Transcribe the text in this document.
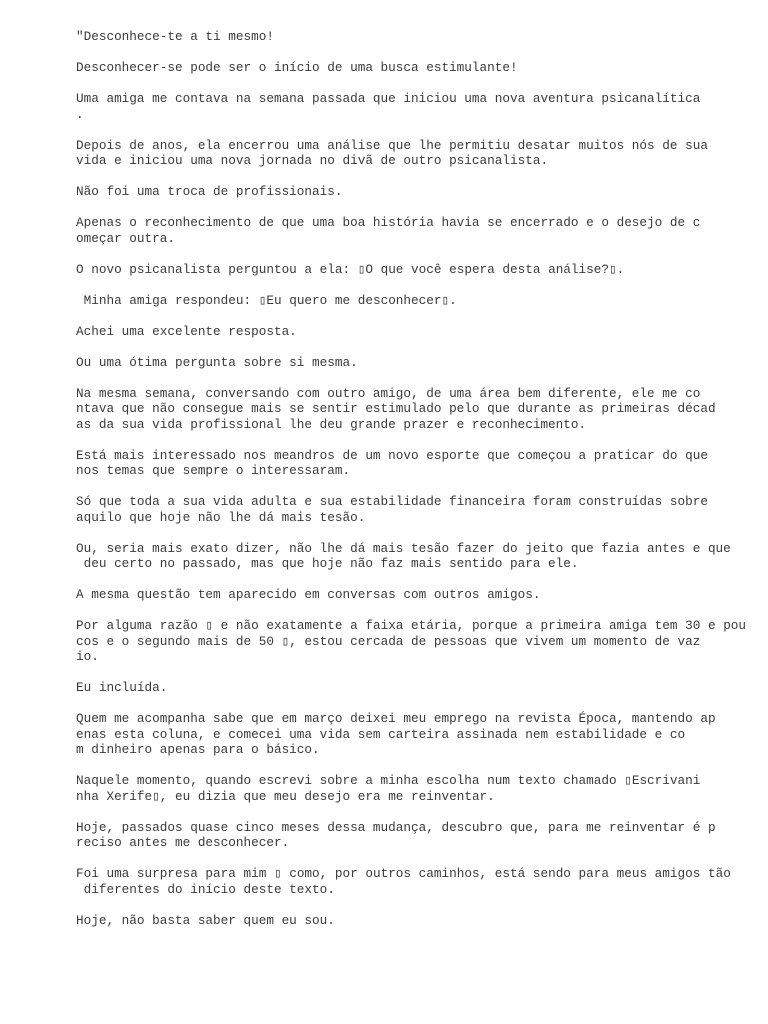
"Desconhece-te a ti mesmo!
Desconhecer-se pode ser o início de uma busca estimulante!
Uma amiga me contava na semana passada que iniciou uma nova aventura psicanalítica
.
Depois de anos, ela encerrou uma análise que lhe permitiu desatar muitos nós de sua
vida e iniciou uma nova jornada no divã de outro psicanalista.
Não foi uma troca de profissionais.
Apenas o reconhecimento de que uma boa história havia se encerrado e o desejo de c
omeçar outra.
O novo psicanalista perguntou a ela: ▯O que você espera desta análise?▯.
Minha amiga respondeu: ▯Eu quero me desconhecer▯.
Achei uma excelente resposta.
Ou uma ótima pergunta sobre si mesma.
Na mesma semana, conversando com outro amigo, de uma área bem diferente, ele me co
ntava que não consegue mais se sentir estimulado pelo que durante as primeiras décad
as da sua vida profissional lhe deu grande prazer e reconhecimento.
Está mais interessado nos meandros de um novo esporte que começou a praticar do que
nos temas que sempre o interessaram.
Só que toda a sua vida adulta e sua estabilidade financeira foram construídas sobre
aquilo que hoje não lhe dá mais tesão.
Ou, seria mais exato dizer, não lhe dá mais tesão fazer do jeito que fazia antes e que
deu certo no passado, mas que hoje não faz mais sentido para ele.
A mesma questão tem aparecido em conversas com outros amigos.
Por alguma razão ▯ e não exatamente a faixa etária, porque a primeira amiga tem 30 e pou
cos e o segundo mais de 50 ▯, estou cercada de pessoas que vivem um momento de vaz
io.
Eu incluída.
Quem me acompanha sabe que em março deixei meu emprego na revista Época, mantendo ap
enas esta coluna, e comecei uma vida sem carteira assinada nem estabilidade e co
m dinheiro apenas para o básico.
Naquele momento, quando escrevi sobre a minha escolha num texto chamado ▯Escrivani
nha Xerife▯, eu dizia que meu desejo era me reinventar.
Hoje, passados quase cinco meses dessa mudança, descubro que, para me reinventar é p
reciso antes me desconhecer.
Foi uma surpresa para mim ▯ como, por outros caminhos, está sendo para meus amigos tão
diferentes do início deste texto.
Hoje, não basta saber quem eu sou.
